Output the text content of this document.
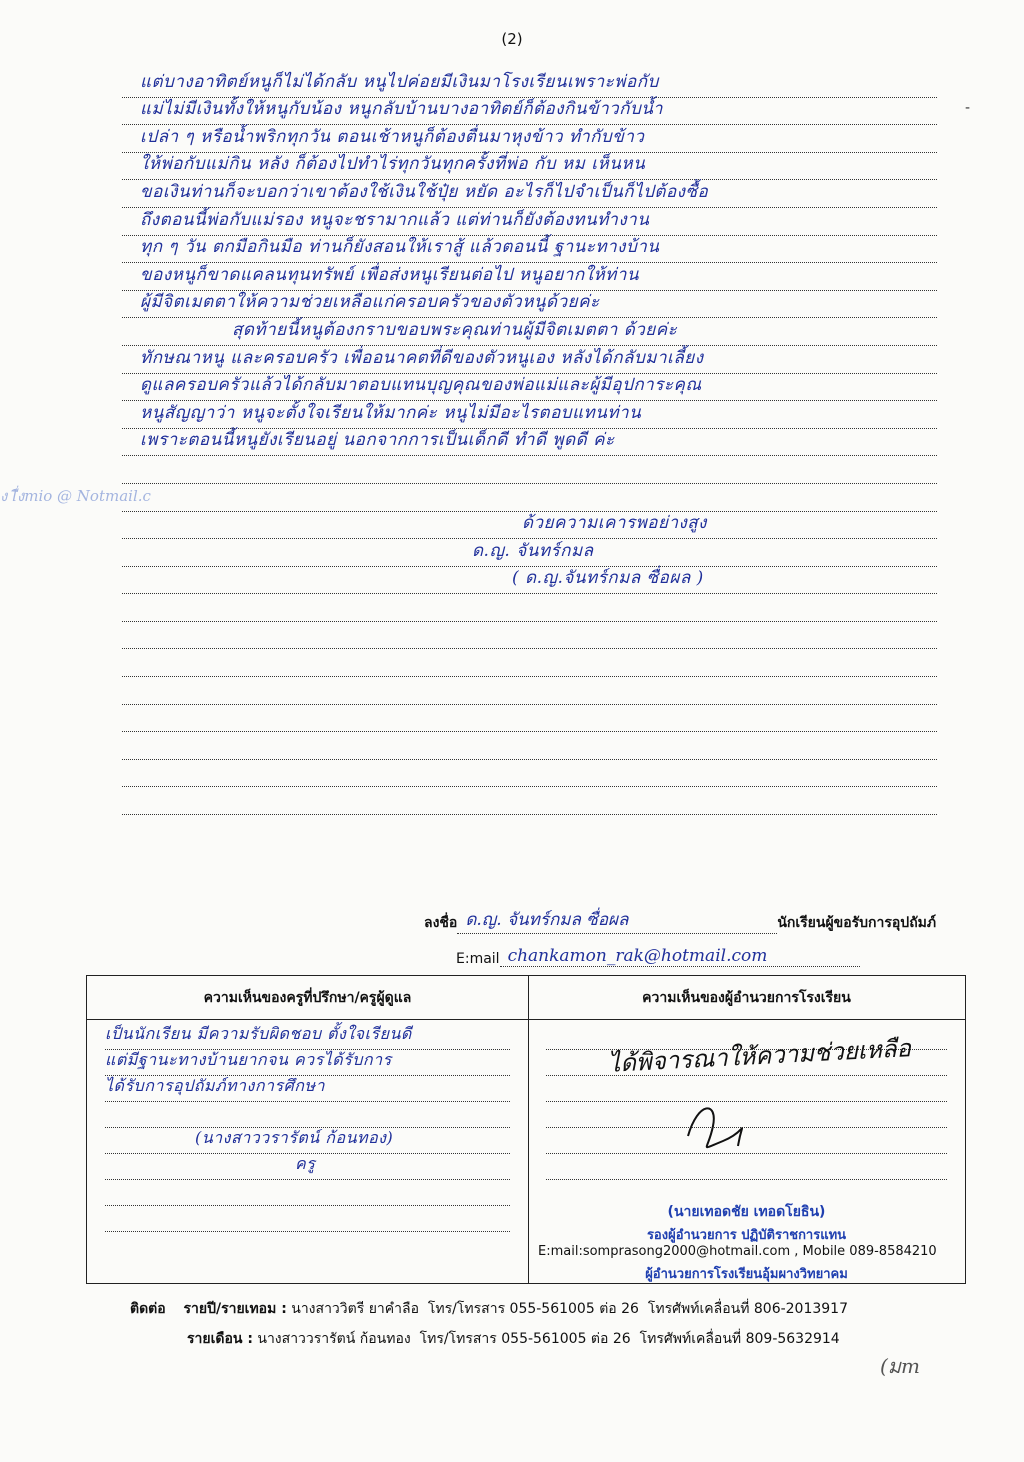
(2)
-
แต่บางอาทิตย์หนูก็ไม่ได้กลับ หนูไปค่อยมีเงินมาโรงเรียนเพราะพ่อกับ
แม่ไม่มีเงินทั้งให้หนูกับน้อง หนูกลับบ้านบางอาทิตย์ก็ต้องกินข้าวกับน้ำ
เปล่า ๆ หรือน้ำพริกทุกวัน ตอนเช้าหนูก็ต้องตื่นมาหุงข้าว ทำกับข้าว
ให้พ่อกับแม่กิน หลัง ก็ต้องไปทำไร่ทุกวันทุกครั้งที่พ่อ กับ หม เห็นหน
ขอเงินท่านก็จะบอกว่าเขาต้องใช้เงินใช้ปุ๋ย หยัด อะไรก็ไปจำเป็นก็ไปต้องซื้อ
ถึงตอนนี้พ่อกับแม่รอง หนูจะชรามากแล้ว แต่ท่านก็ยังต้องทนทำงาน
ทุก ๆ วัน ตกมือกินมือ ท่านก็ยังสอนให้เราสู้ แล้วตอนนี้ ฐานะทางบ้าน
ของหนูก็ขาดแคลนทุนทรัพย์ เพื่อส่งหนูเรียนต่อไป หนูอยากให้ท่าน
ผู้มีจิตเมตตาให้ความช่วยเหลือแก่ครอบครัวของตัวหนูด้วยค่ะ
สุดท้ายนี้หนูต้องกราบขอบพระคุณท่านผู้มีจิตเมตตา ด้วยค่ะ
ทักษณาหนู และครอบครัว เพื่ออนาคตที่ดีของตัวหนูเอง หลังได้กลับมาเลี้ยง
ดูแลครอบครัวแล้วได้กลับมาตอบแทนบุญคุณของพ่อแม่และผู้มีอุปการะคุณ
หนูสัญญาว่า หนูจะตั้งใจเรียนให้มากค่ะ หนูไม่มีอะไรตอบแทนท่าน
เพราะตอนนี้หนูยังเรียนอยู่ นอกจากการเป็นเด็กดี ทำดี พูดดี ค่ะ
ด้วยความเคารพอย่างสูง
ด.ญ. จันทร์กมล
( ด.ญ.จันทร์กมล ซื่อผล )
ง lื่งmio @ Notmail.c
ลงชื่อ ด.ญ. จันทร์กมล ซื่อผล	นักเรียนผู้ขอรับการอุปถัมภ์
E:mail chankamon_rak@hotmail.com
ความเห็นของครูที่ปรึกษา/ครูผู้ดูแล
เป็นนักเรียน มีความรับผิดชอบ ตั้งใจเรียนดี
แต่มีฐานะทางบ้านยากจน ควรได้รับการ
ได้รับการอุปถัมภ์ทางการศึกษา
(นางสาววรารัตน์ ก้อนทอง)
ครู
ความเห็นของผู้อำนวยการโรงเรียน
ได้พิจารณาให้ความช่วยเหลือ
(นายเทอดชัย เทอดโยธิน)
รองผู้อำนวยการ ปฏิบัติราชการแทน
E:mail:somprasong2000@hotmail.com , Mobile 089-8584210
ผู้อำนวยการโรงเรียนอุ้มผางวิทยาคม
ติดต่อ รายปี/รายเทอม : นางสาววิตรี ยาคำลือ โทร/โทรสาร 055-561005 ต่อ 26 โทรศัพท์เคลื่อนที่ 806-2013917
รายเดือน : นางสาววรารัตน์ ก้อนทอง โทร/โทรสาร 055-561005 ต่อ 26 โทรศัพท์เคลื่อนที่ 809-5632914
(มm
